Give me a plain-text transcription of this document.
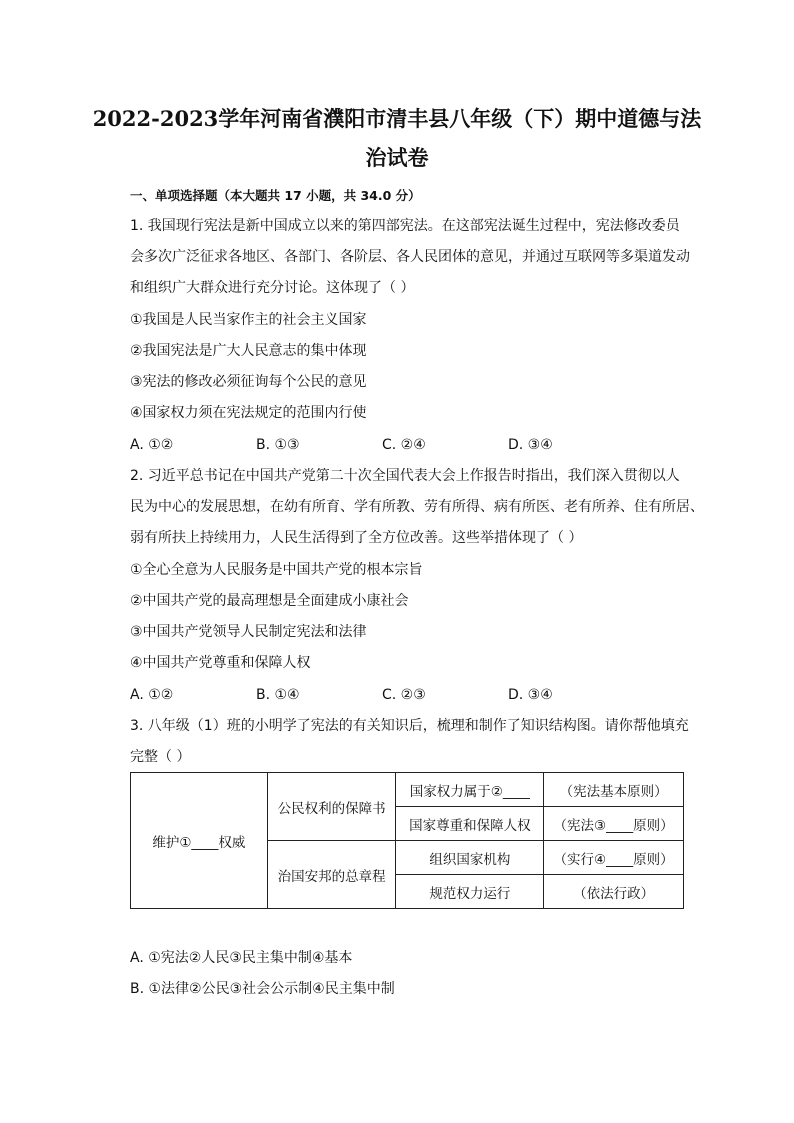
2022-2023学年河南省濮阳市清丰县八年级（下）期中道德与法
治试卷
一、单项选择题（本大题共 17 小题，共 34.0 分）
1. 我国现行宪法是新中国成立以来的第四部宪法。在这部宪法诞生过程中，宪法修改委员
会多次广泛征求各地区、各部门、各阶层、各人民团体的意见，并通过互联网等多渠道发动
和组织广大群众进行充分讨论。这体现了（ ）
①我国是人民当家作主的社会主义国家
②我国宪法是广大人民意志的集中体现
③宪法的修改必须征询每个公民的意见
④国家权力须在宪法规定的范围内行使
A. ①②	B. ①③	C. ②④	D. ③④
2. 习近平总书记在中国共产党第二十次全国代表大会上作报告时指出，我们深入贯彻以人
民为中心的发展思想，在幼有所育、学有所教、劳有所得、病有所医、老有所养、住有所居、
弱有所扶上持续用力，人民生活得到了全方位改善。这些举措体现了（ ）
①全心全意为人民服务是中国共产党的根本宗旨
②中国共产党的最高理想是全面建成小康社会
③中国共产党领导人民制定宪法和法律
④中国共产党尊重和保障人权
A. ①②	B. ①④	C. ②③	D. ③④
3. 八年级（1）班的小明学了宪法的有关知识后，梳理和制作了知识结构图。请你帮他填充
完整（ ）
维护①____权威	公民权利的保障书	国家权力属于②____	（宪法基本原则）
		国家尊重和保障人权	（宪法③____原则）
	治国安邦的总章程	组织国家机构	（实行④____原则）
		规范权力运行	（依法行政）
A. ①宪法②人民③民主集中制④基本
B. ①法律②公民③社会公示制④民主集中制
